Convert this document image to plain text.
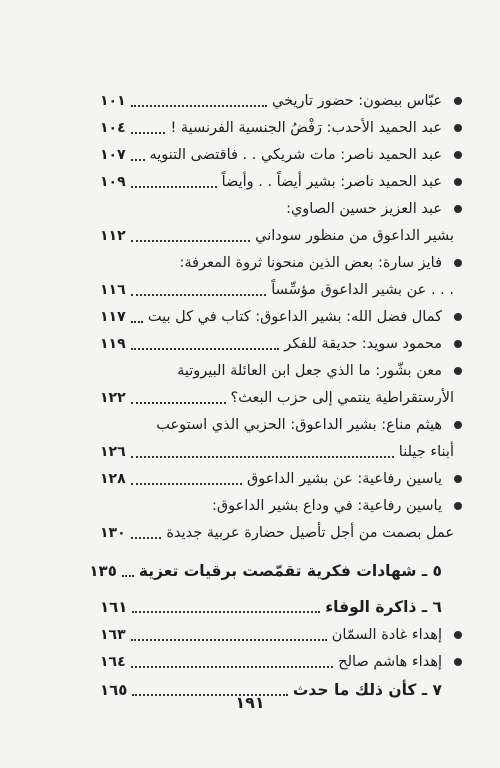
عبّاس بيضون: حضور تاريخي
١٠١
عبد الحميد الأحدب: رَفْضُ الجنسية الفرنسية !
١٠٤
عبد الحميد ناصر: مات شريكي . . فاقتضى التنويه
١٠٧
عبد الحميد ناصر: بشير أيضاً . . وأيضاً
١٠٩
عبد العزيز حسين الصاوي:
بشير الداعوق من منظور سوداني
١١٢
فايز سارة: بعض الذين منحونا ثروة المعرفة:
. . . عن بشير الداعوق مؤسِّساً
١١٦
كمال فضل الله: بشير الداعوق: كتاب في كل بيت
١١٧
محمود سويد: حديقة للفكر
١١٩
معن بشّور: ما الذي جعل ابن العائلة البيروتية
الأرستقراطية ينتمي إلى حزب البعث؟
١٢٢
هيثم مناع: بشير الداعوق: الحزبي الذي استوعب
أبناء جيلنا
١٢٦
ياسين رفاعية: عن بشير الداعوق
١٢٨
ياسين رفاعية: في وداع بشير الداعوق:
عمل بصمت من أجل تأصيل حضارة عربية جديدة
١٣٠
٥ ـ شهادات فكرية تقمّصت برقيات تعزية
١٣٥
٦ ـ ذاكرة الوفاء
١٦١
إهداء غادة السمّان
١٦٣
إهداء هاشم صالح
١٦٤
٧ ـ كأن ذلك ما حدث
١٦٥
١٩١
